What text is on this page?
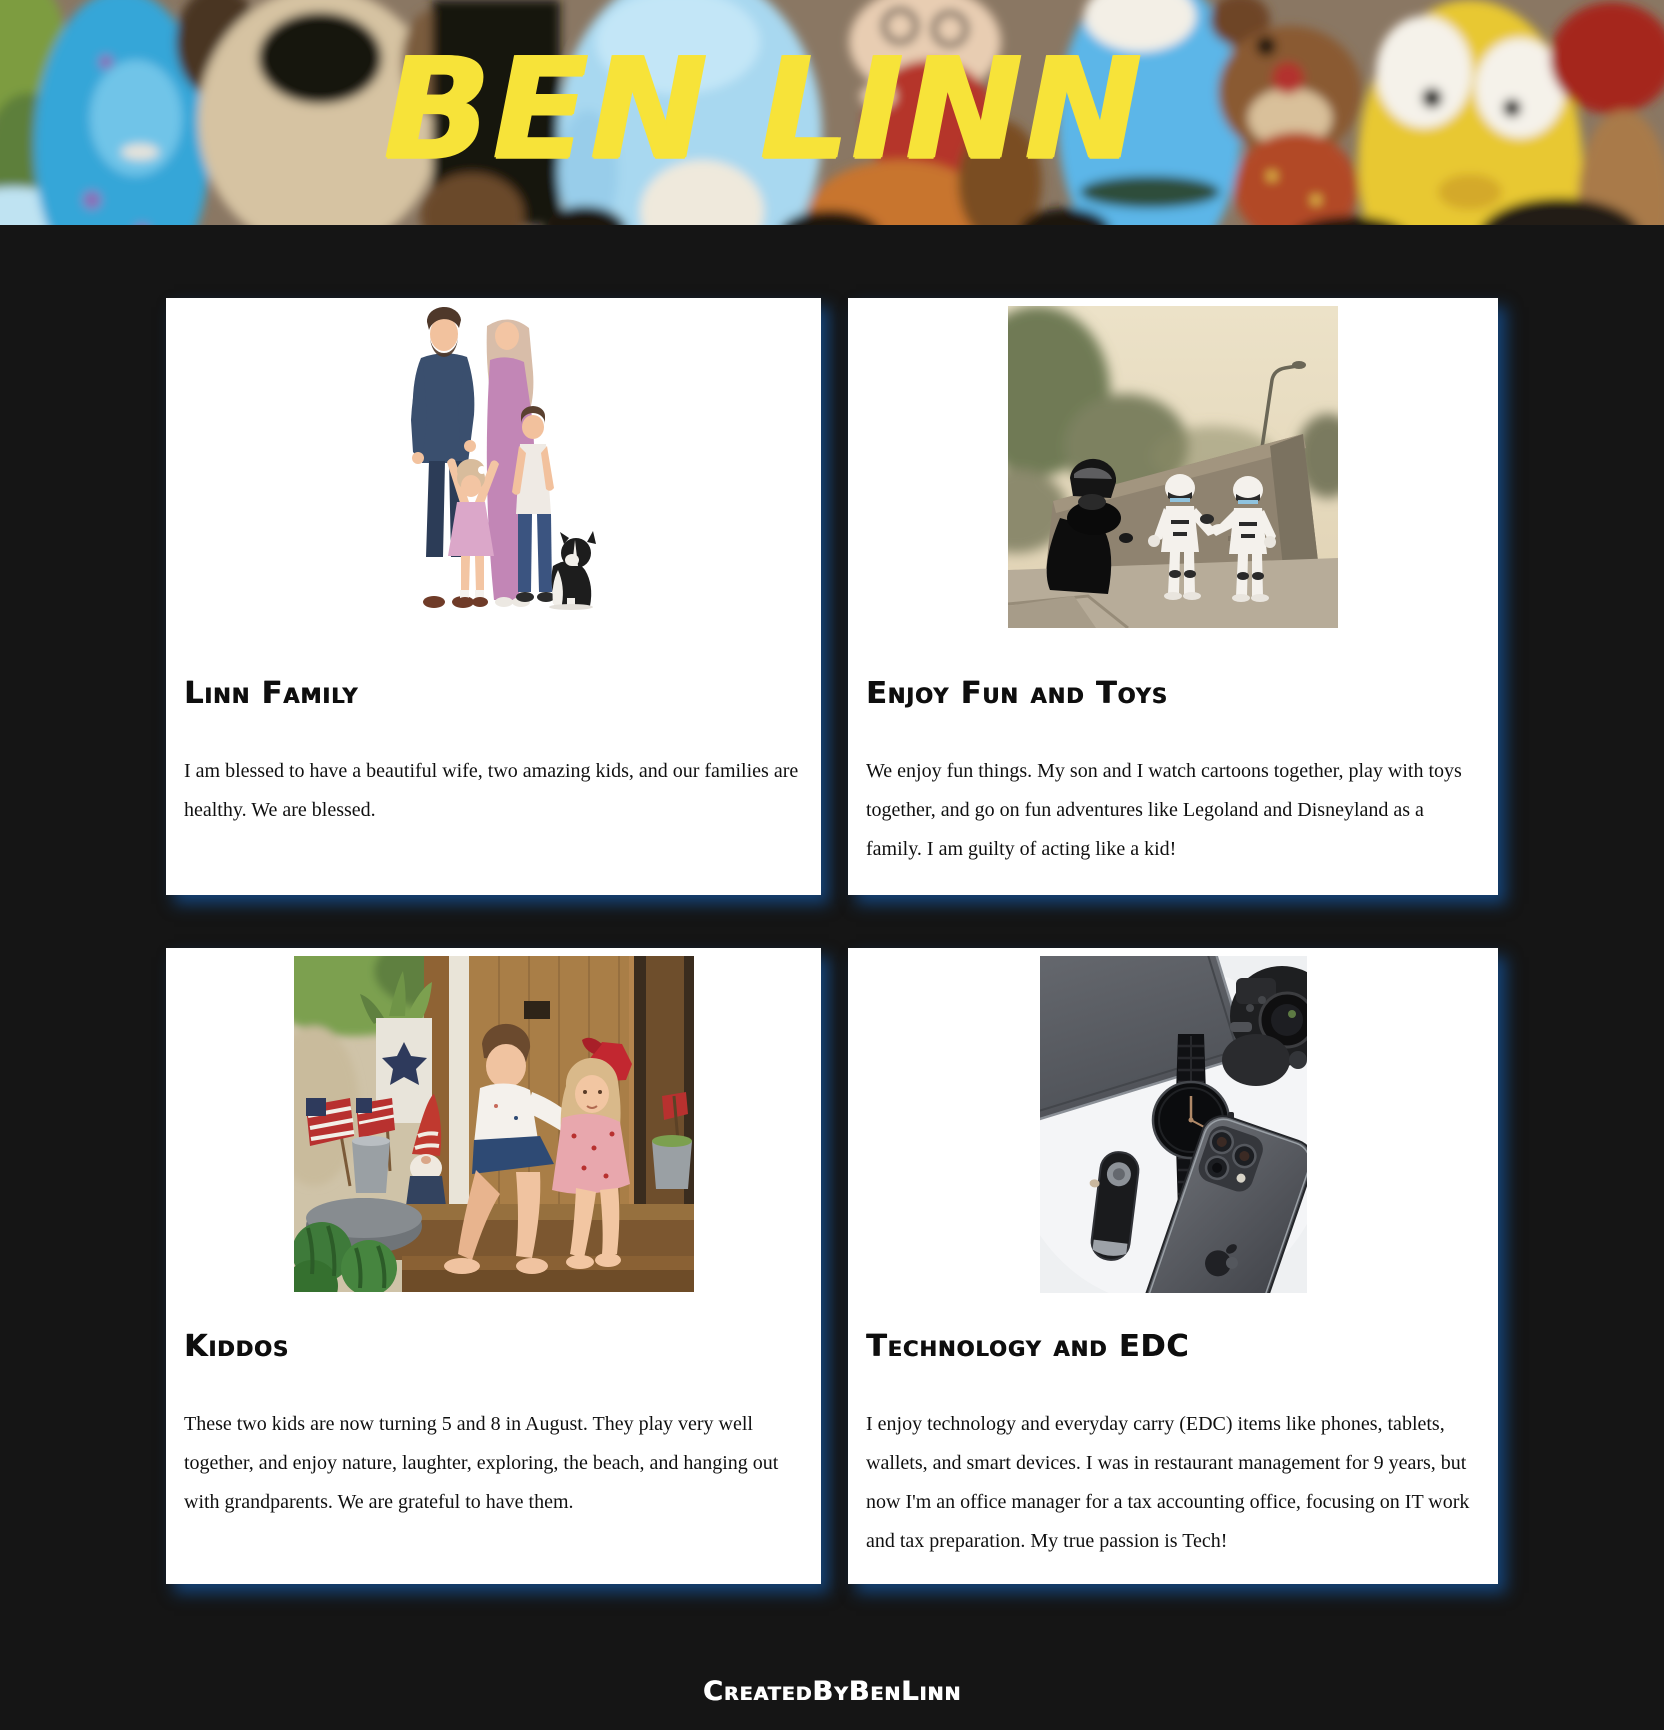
BEN LINN
Linn Family

I am blessed to have a beautiful wife, two amazing kids, and our families are healthy. We are blessed.

Enjoy Fun and Toys

We enjoy fun things. My son and I watch cartoons together, play with toys together, and go on fun adventures like Legoland and Disneyland as a family. I am guilty of acting like a kid!

Kiddos

These two kids are now turning 5 and 8 in August. They play very well together, and enjoy nature, laughter, exploring, the beach, and hanging out with grandparents. We are grateful to have them.

Technology and EDC

I enjoy technology and everyday carry (EDC) items like phones, tablets, wallets, and smart devices. I was in restaurant management for 9 years, but now I'm an office manager for a tax accounting office, focusing on IT work and tax preparation. My true passion is Tech!

CreatedByBenLinn
